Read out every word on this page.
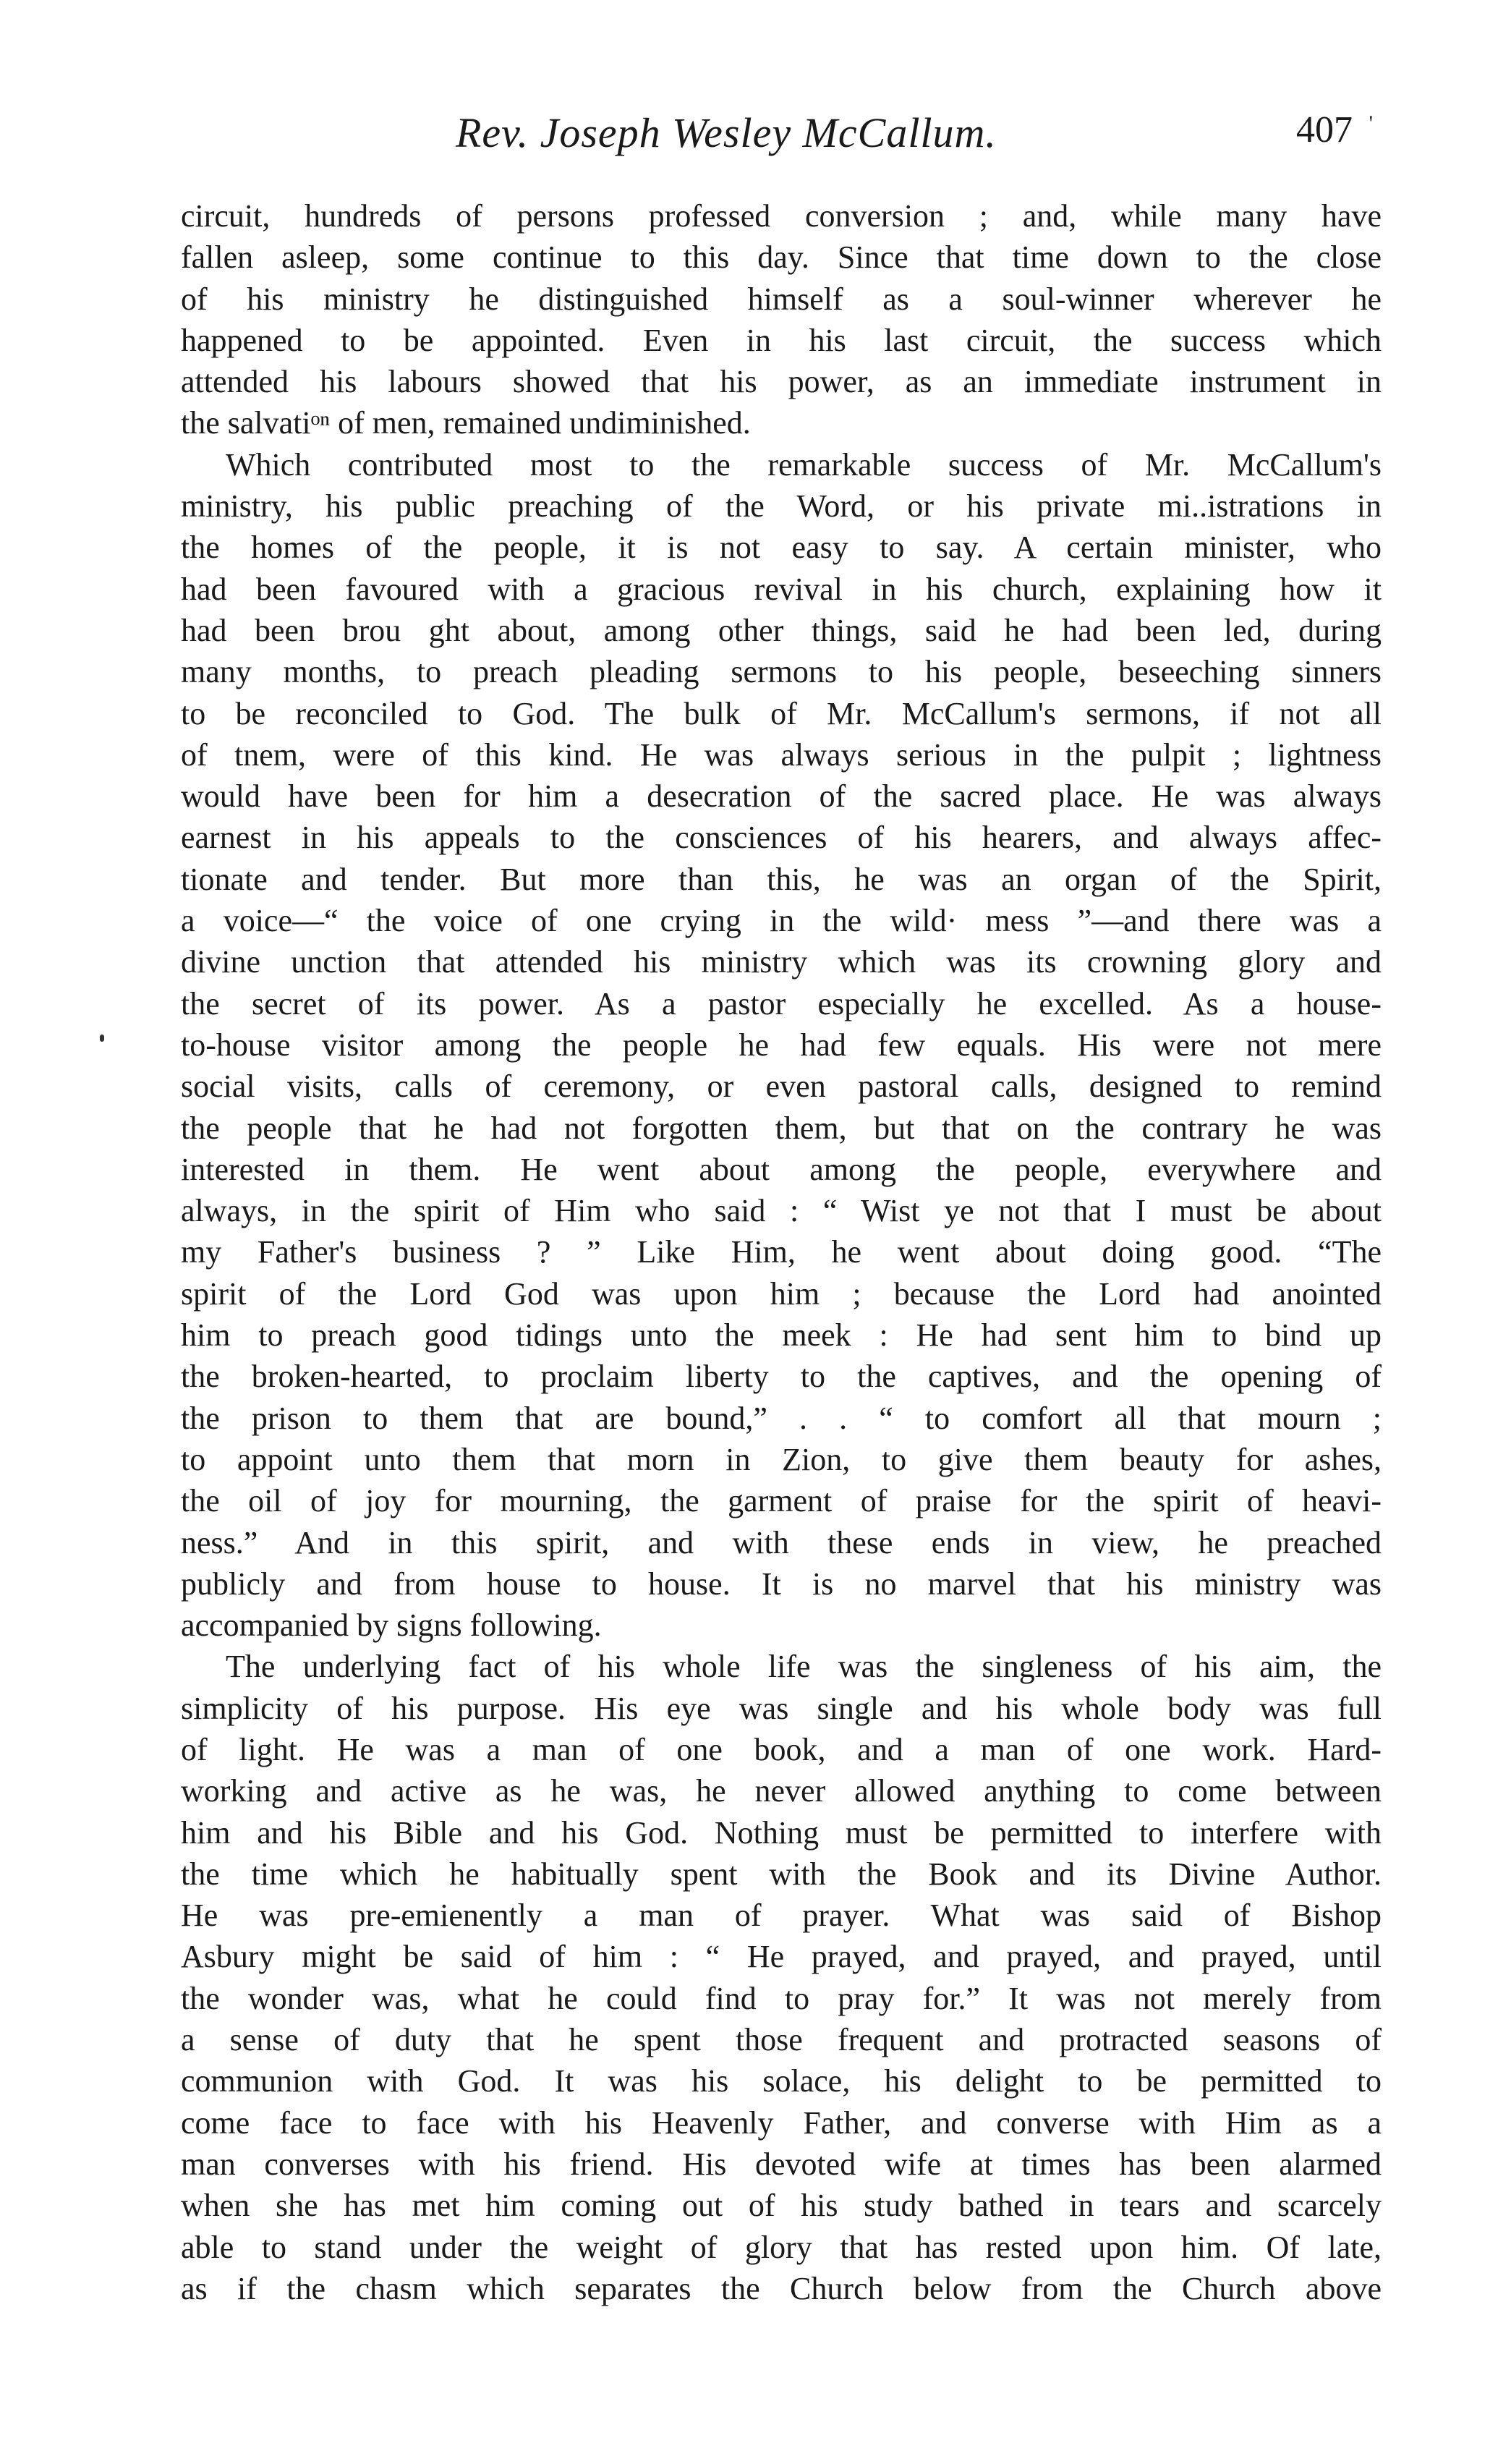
Rev. Joseph Wesley McCallum.	407 '
circuit, hundreds of persons professed conversion ; and, while many have
fallen asleep, some continue to this day. Since that time down to the close
of his ministry he distinguished himself as a soul-winner wherever he
happened to be appointed. Even in his last circuit, the success which
attended his labours showed that his power, as an immediate instrument in
the salvatiᵒⁿ of men, remained undiminished.
Which contributed most to the remarkable success of Mr. McCallum's
ministry, his public preaching of the Word, or his private mi..istrations in
the homes of the people, it is not easy to say. A certain minister, who
had been favoured with a gracious revival in his church, explaining how it
had been brou ght about, among other things, said he had been led, during
many months, to preach pleading sermons to his people, beseeching sinners
to be reconciled to God. The bulk of Mr. McCallum's sermons, if not all
of tnem, were of this kind. He was always serious in the pulpit ; lightness
would have been for him a desecration of the sacred place. He was always
earnest in his appeals to the consciences of his hearers, and always affec-
tionate and tender. But more than this, he was an organ of the Spirit,
a voice—“ the voice of one crying in the wild· mess ”—and there was a
divine unction that attended his ministry which was its crowning glory and
the secret of its power. As a pastor especially he excelled. As a house-
to-house visitor among the people he had few equals. His were not mere
social visits, calls of ceremony, or even pastoral calls, designed to remind
the people that he had not forgotten them, but that on the contrary he was
interested in them. He went about among the people, everywhere and
always, in the spirit of Him who said : “ Wist ye not that I must be about
my Father's business ? ” Like Him, he went about doing good. “The
spirit of the Lord God was upon him ; because the Lord had anointed
him to preach good tidings unto the meek : He had sent him to bind up
the broken-hearted, to proclaim liberty to the captives, and the opening of
the prison to them that are bound,” . . “ to comfort all that mourn ;
to appoint unto them that morn in Zion, to give them beauty for ashes,
the oil of joy for mourning, the garment of praise for the spirit of heavi-
ness.” And in this spirit, and with these ends in view, he preached
publicly and from house to house. It is no marvel that his ministry was
accompanied by signs following.
The underlying fact of his whole life was the singleness of his aim, the
simplicity of his purpose. His eye was single and his whole body was full
of light. He was a man of one book, and a man of one work. Hard-
working and active as he was, he never allowed anything to come between
him and his Bible and his God. Nothing must be permitted to interfere with
the time which he habitually spent with the Book and its Divine Author.
He was pre-emienently a man of prayer. What was said of Bishop
Asbury might be said of him : “ He prayed, and prayed, and prayed, until
the wonder was, what he could find to pray for.” It was not merely from
a sense of duty that he spent those frequent and protracted seasons of
communion with God. It was his solace, his delight to be permitted to
come face to face with his Heavenly Father, and converse with Him as a
man converses with his friend. His devoted wife at times has been alarmed
when she has met him coming out of his study bathed in tears and scarcely
able to stand under the weight of glory that has rested upon him. Of late,
as if the chasm which separates the Church below from the Church above
